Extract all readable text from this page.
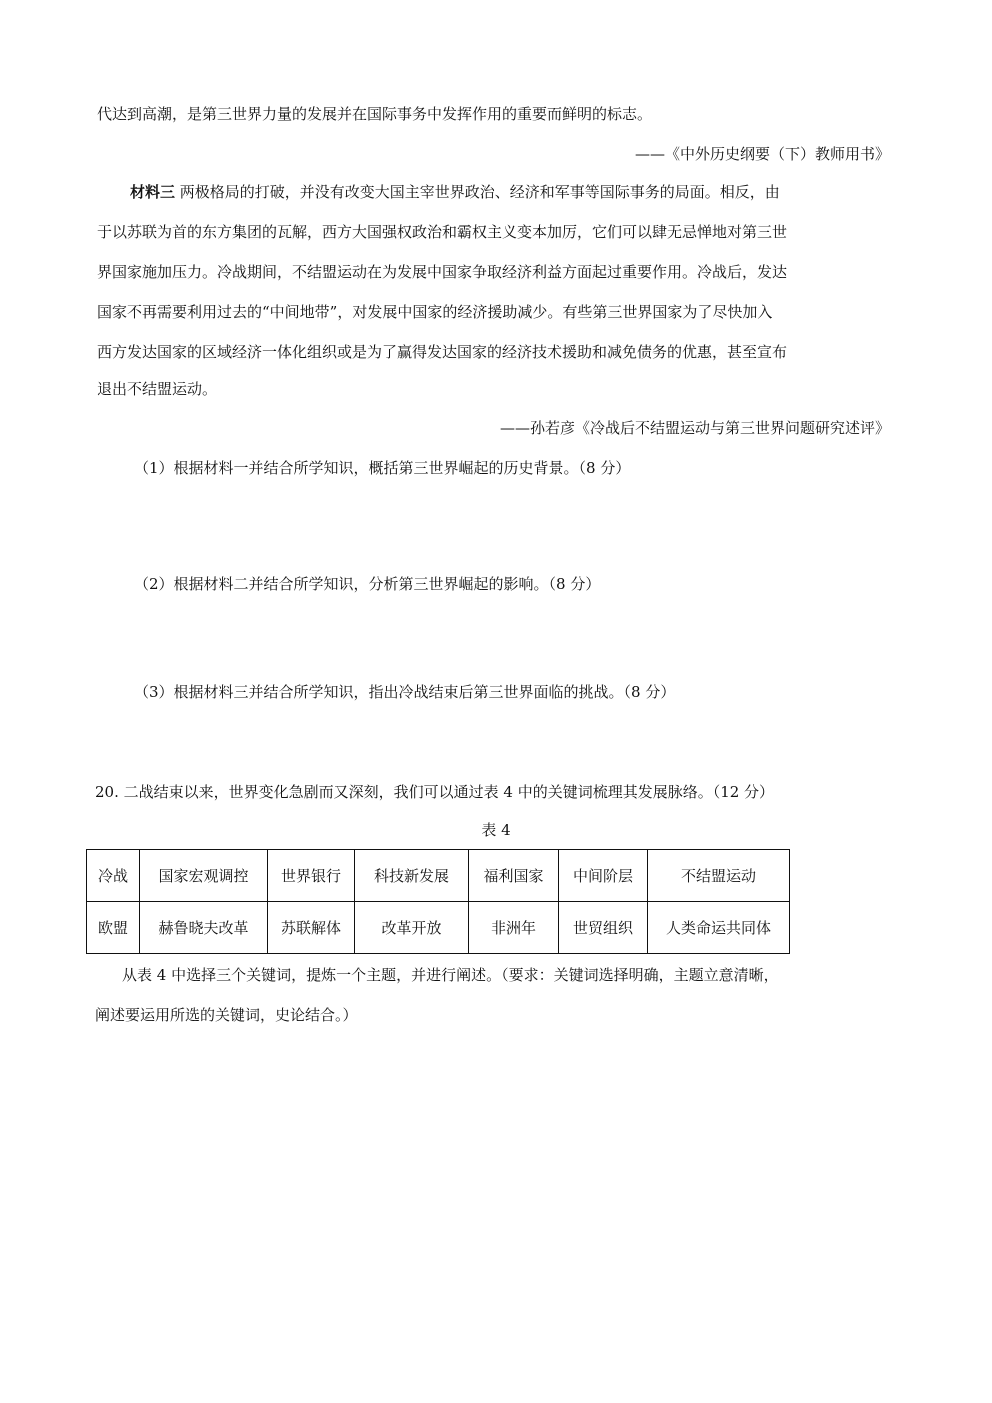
代达到高潮，是第三世界力量的发展并在国际事务中发挥作用的重要而鲜明的标志。
——《中外历史纲要（下）教师用书》
材料三 两极格局的打破，并没有改变大国主宰世界政治、经济和军事等国际事务的局面。相反，由
于以苏联为首的东方集团的瓦解，西方大国强权政治和霸权主义变本加厉，它们可以肆无忌惮地对第三世
界国家施加压力。冷战期间，不结盟运动在为发展中国家争取经济利益方面起过重要作用。冷战后，发达
国家不再需要利用过去的“中间地带”，对发展中国家的经济援助减少。有些第三世界国家为了尽快加入
西方发达国家的区域经济一体化组织或是为了赢得发达国家的经济技术援助和减免债务的优惠，甚至宣布
退出不结盟运动。
——孙若彦《冷战后不结盟运动与第三世界问题研究述评》
（1）根据材料一并结合所学知识，概括第三世界崛起的历史背景。（8 分）
（2）根据材料二并结合所学知识，分析第三世界崛起的影响。（8 分）
（3）根据材料三并结合所学知识，指出冷战结束后第三世界面临的挑战。（8 分）
20. 二战结束以来，世界变化急剧而又深刻，我们可以通过表 4 中的关键词梳理其发展脉络。（12 分）
表 4
冷战	国家宏观调控	世界银行	科技新发展	福利国家	中间阶层	不结盟运动
欧盟	赫鲁晓夫改革	苏联解体	改革开放	非洲年	世贸组织	人类命运共同体
从表 4 中选择三个关键词，提炼一个主题，并进行阐述。（要求：关键词选择明确，主题立意清晰，
阐述要运用所选的关键词，史论结合。）
